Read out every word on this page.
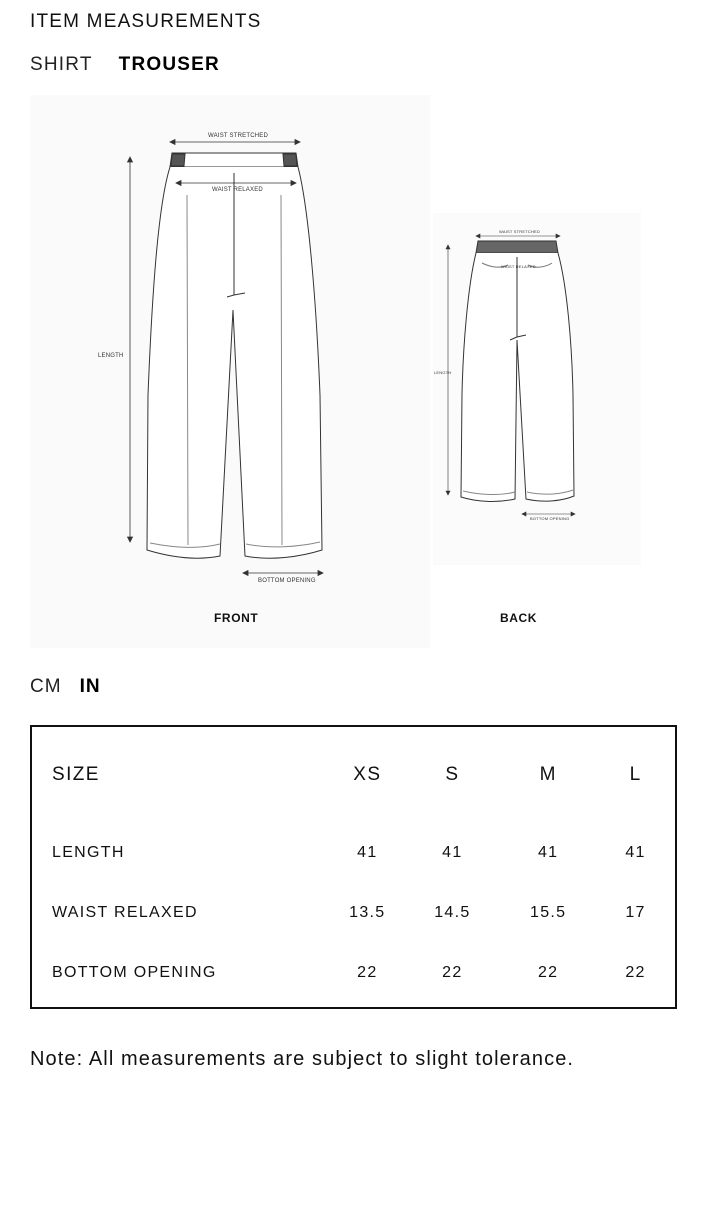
ITEM MEASUREMENTS
SHIRT TROUSER
WAIST STRETCHED
WAIST RELAXED
LENGTH
BOTTOM OPENING
FRONT
WAIST STRETCHED
WAIST RELAXED
LENGTH
BOTTOM OPENING
BACK
CM IN
SIZE	XS	S	M	L
LENGTH	41	41	41	41
WAIST RELAXED	13.5	14.5	15.5	17
BOTTOM OPENING	22	22	22	22
Note: All measurements are subject to slight tolerance.
